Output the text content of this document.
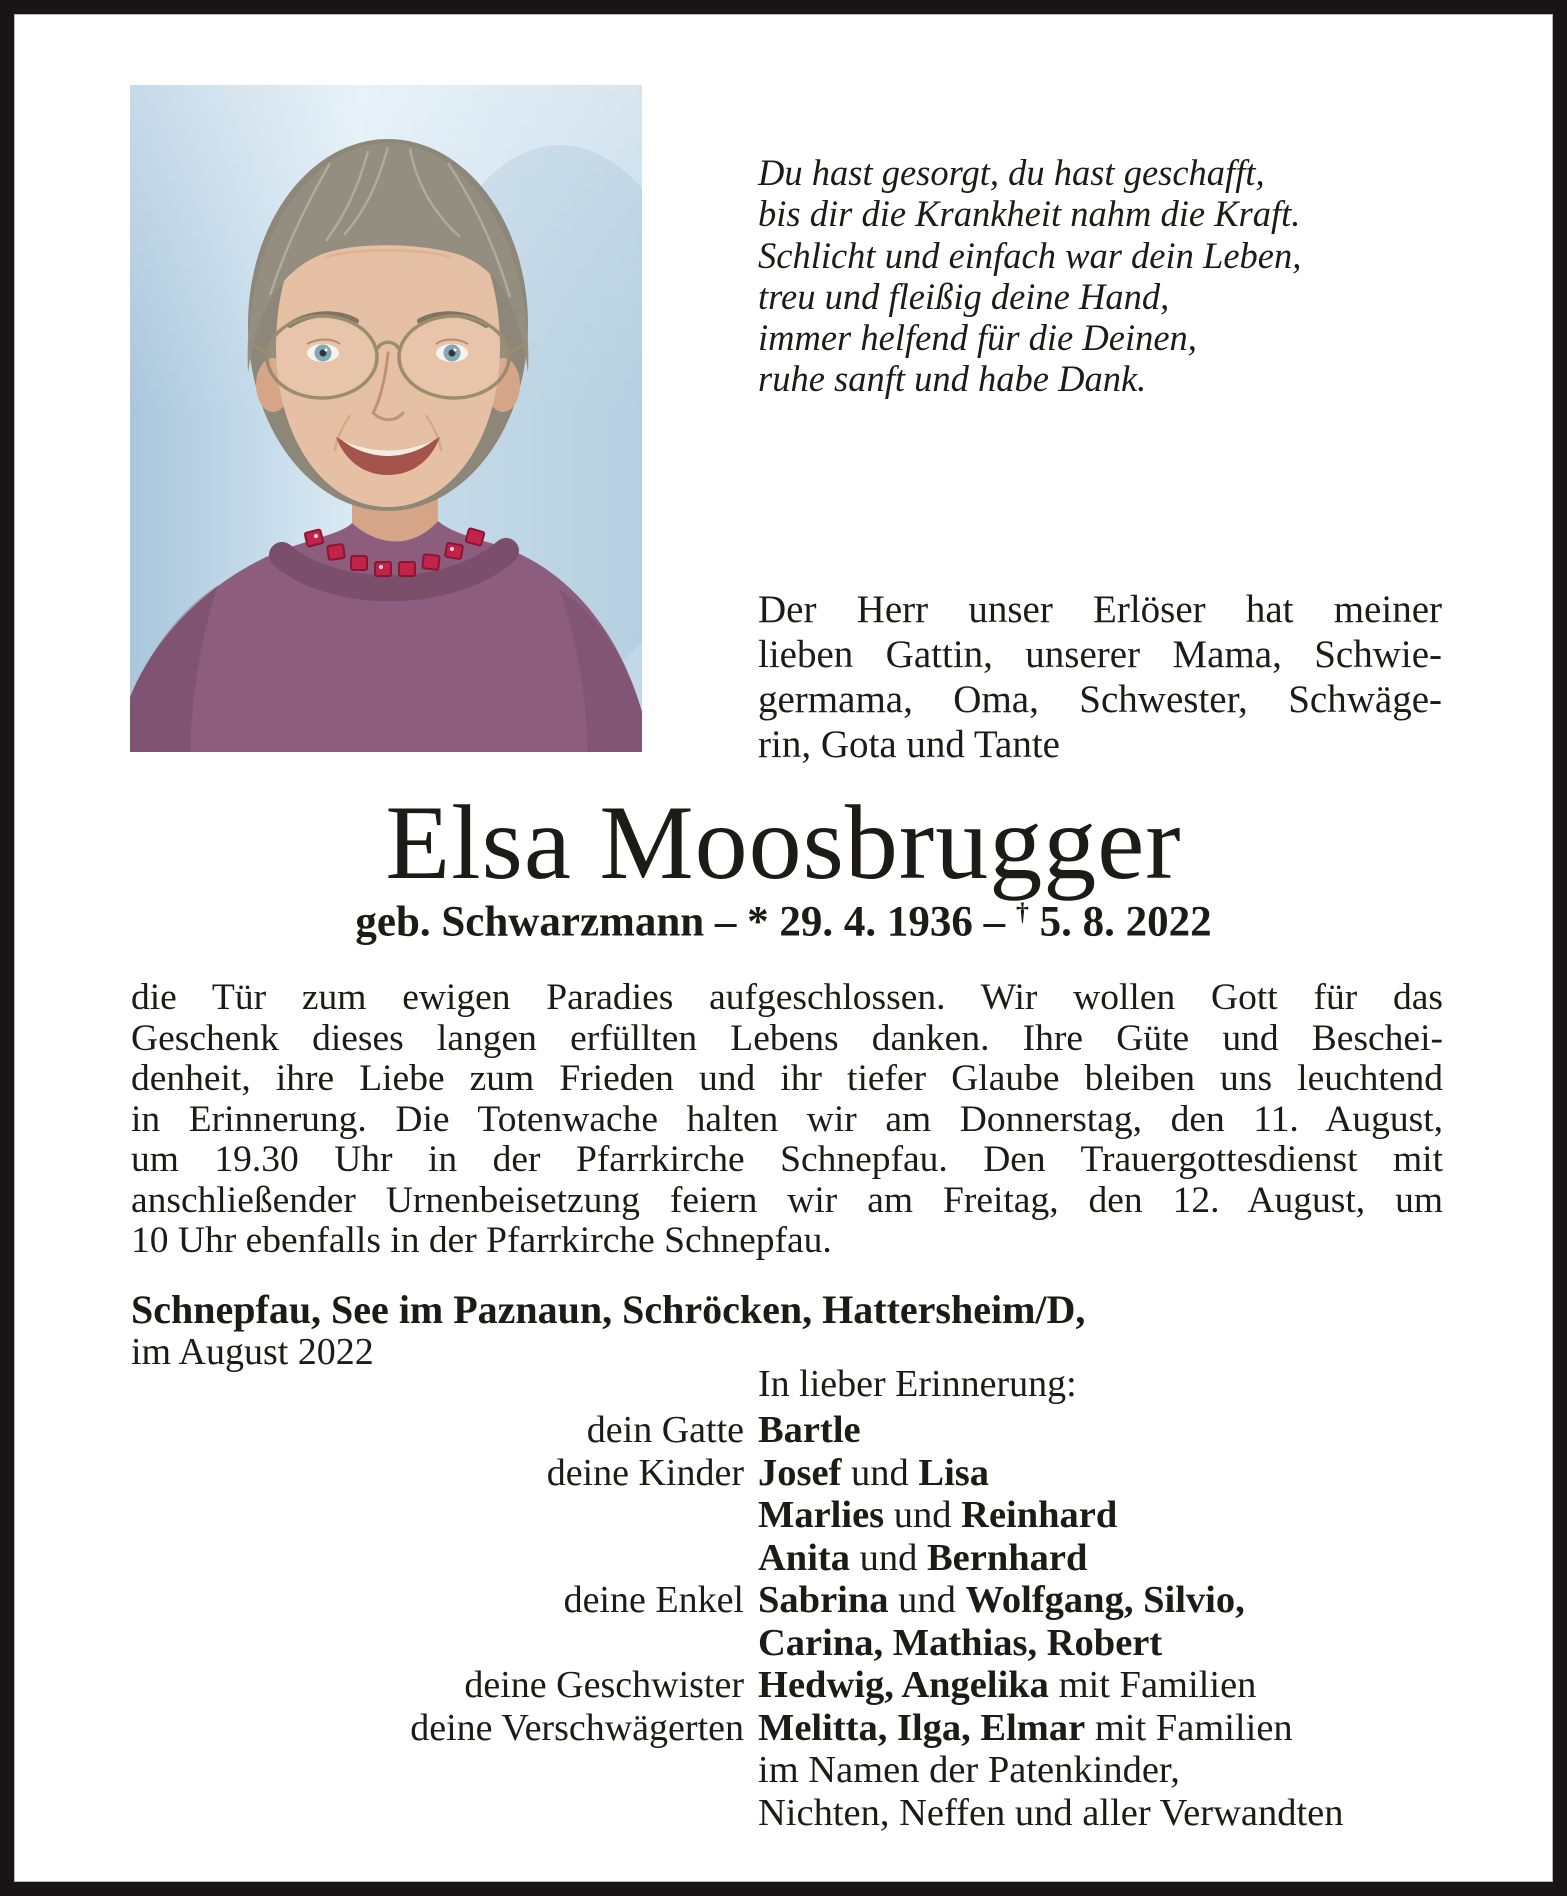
Du hast gesorgt, du hast geschafft,
bis dir die Krankheit nahm die Kraft.
Schlicht und einfach war dein Leben,
treu und fleißig deine Hand,
immer helfend für die Deinen,
ruhe sanft und habe Dank.
Der Herr unser Erlöser hat meiner
lieben Gattin, unserer Mama, Schwie-
germama, Oma, Schwester, Schwäge-
rin, Gota und Tante
Elsa Moosbrugger
geb. Schwarzmann – * 29. 4. 1936 – † 5. 8. 2022
die Tür zum ewigen Paradies aufgeschlossen. Wir wollen Gott für das
Geschenk dieses langen erfüllten Lebens danken. Ihre Güte und Beschei-
denheit, ihre Liebe zum Frieden und ihr tiefer Glaube bleiben uns leuchtend
in Erinnerung. Die Totenwache halten wir am Donnerstag, den 11. August,
um 19.30 Uhr in der Pfarrkirche Schnepfau. Den Trauergottesdienst mit
anschließender Urnenbeisetzung feiern wir am Freitag, den 12. August, um
10 Uhr ebenfalls in der Pfarrkirche Schnepfau.
Schnepfau, See im Paznaun, Schröcken, Hattersheim/D,
im August 2022
In lieber Erinnerung:
dein Gatte Bartle
deine Kinder Josef und Lisa
Marlies und Reinhard
Anita und Bernhard
deine Enkel Sabrina und Wolfgang, Silvio,
Carina, Mathias, Robert
deine Geschwister Hedwig, Angelika mit Familien
deine Verschwägerten Melitta, Ilga, Elmar mit Familien
im Namen der Patenkinder,
Nichten, Neffen und aller Verwandten
